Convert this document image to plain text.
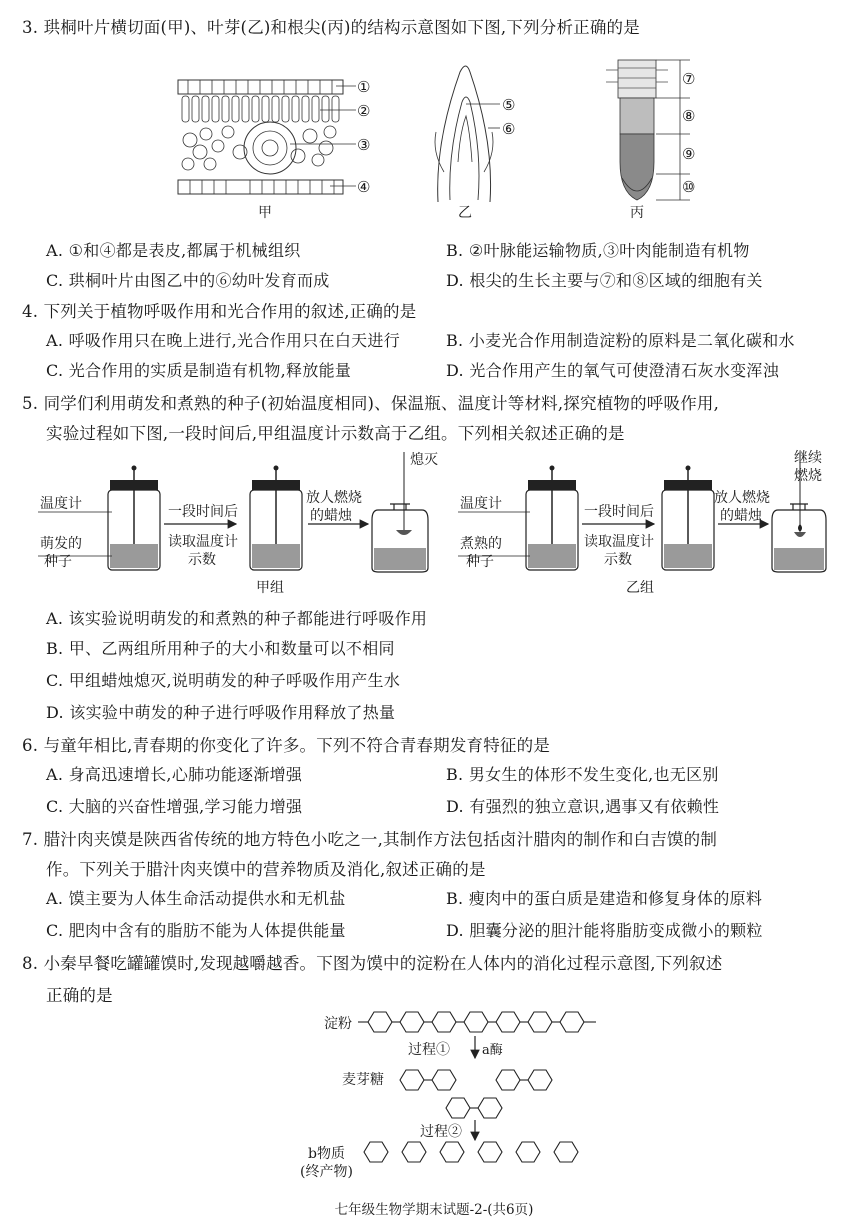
3. 珙桐叶片横切面(甲)、叶芽(乙)和根尖(丙)的结构示意图如下图,下列分析正确的是
①
②
③
④
甲
⑤
⑥
乙
⑦
⑧
⑨
⑩
丙
A. ①和④都是表皮,都属于机械组织	B. ②叶脉能运输物质,③叶肉能制造有机物
C. 珙桐叶片由图乙中的⑥幼叶发育而成	D. 根尖的生长主要与⑦和⑧区域的细胞有关
4. 下列关于植物呼吸作用和光合作用的叙述,正确的是
A. 呼吸作用只在晚上进行,光合作用只在白天进行	B. 小麦光合作用制造淀粉的原料是二氧化碳和水
C. 光合作用的实质是制造有机物,释放能量	D. 光合作用产生的氧气可使澄清石灰水变浑浊
5. 同学们利用萌发和煮熟的种子(初始温度相同)、保温瓶、温度计等材料,探究植物的呼吸作用,
实验过程如下图,一段时间后,甲组温度计示数高于乙组。下列相关叙述正确的是
温度计
萌发的
种子
一段时间后
读取温度计
示数
放人燃烧
的蜡烛
熄灭
甲组
温度计
煮熟的
种子
一段时间后
读取温度计
示数
放人燃烧
的蜡烛
继续
燃烧
乙组
A. 该实验说明萌发的和煮熟的种子都能进行呼吸作用
B. 甲、乙两组所用种子的大小和数量可以不相同
C. 甲组蜡烛熄灭,说明萌发的种子呼吸作用产生水
D. 该实验中萌发的种子进行呼吸作用释放了热量
6. 与童年相比,青春期的你变化了许多。下列不符合青春期发育特征的是
A. 身高迅速增长,心肺功能逐渐增强	B. 男女生的体形不发生变化,也无区别
C. 大脑的兴奋性增强,学习能力增强	D. 有强烈的独立意识,遇事又有依赖性
7. 腊汁肉夹馍是陕西省传统的地方特色小吃之一,其制作方法包括卤汁腊肉的制作和白吉馍的制
作。下列关于腊汁肉夹馍中的营养物质及消化,叙述正确的是
A. 馍主要为人体生命活动提供水和无机盐	B. 瘦肉中的蛋白质是建造和修复身体的原料
C. 肥肉中含有的脂肪不能为人体提供能量	D. 胆囊分泌的胆汁能将脂肪变成微小的颗粒
8. 小秦早餐吃罐罐馍时,发现越嚼越香。下图为馍中的淀粉在人体内的消化过程示意图,下列叙述
正确的是
淀粉
过程① a酶
麦芽糖
过程②
b物质
(终产物)
七年级生物学期末试题-2-(共6页)
